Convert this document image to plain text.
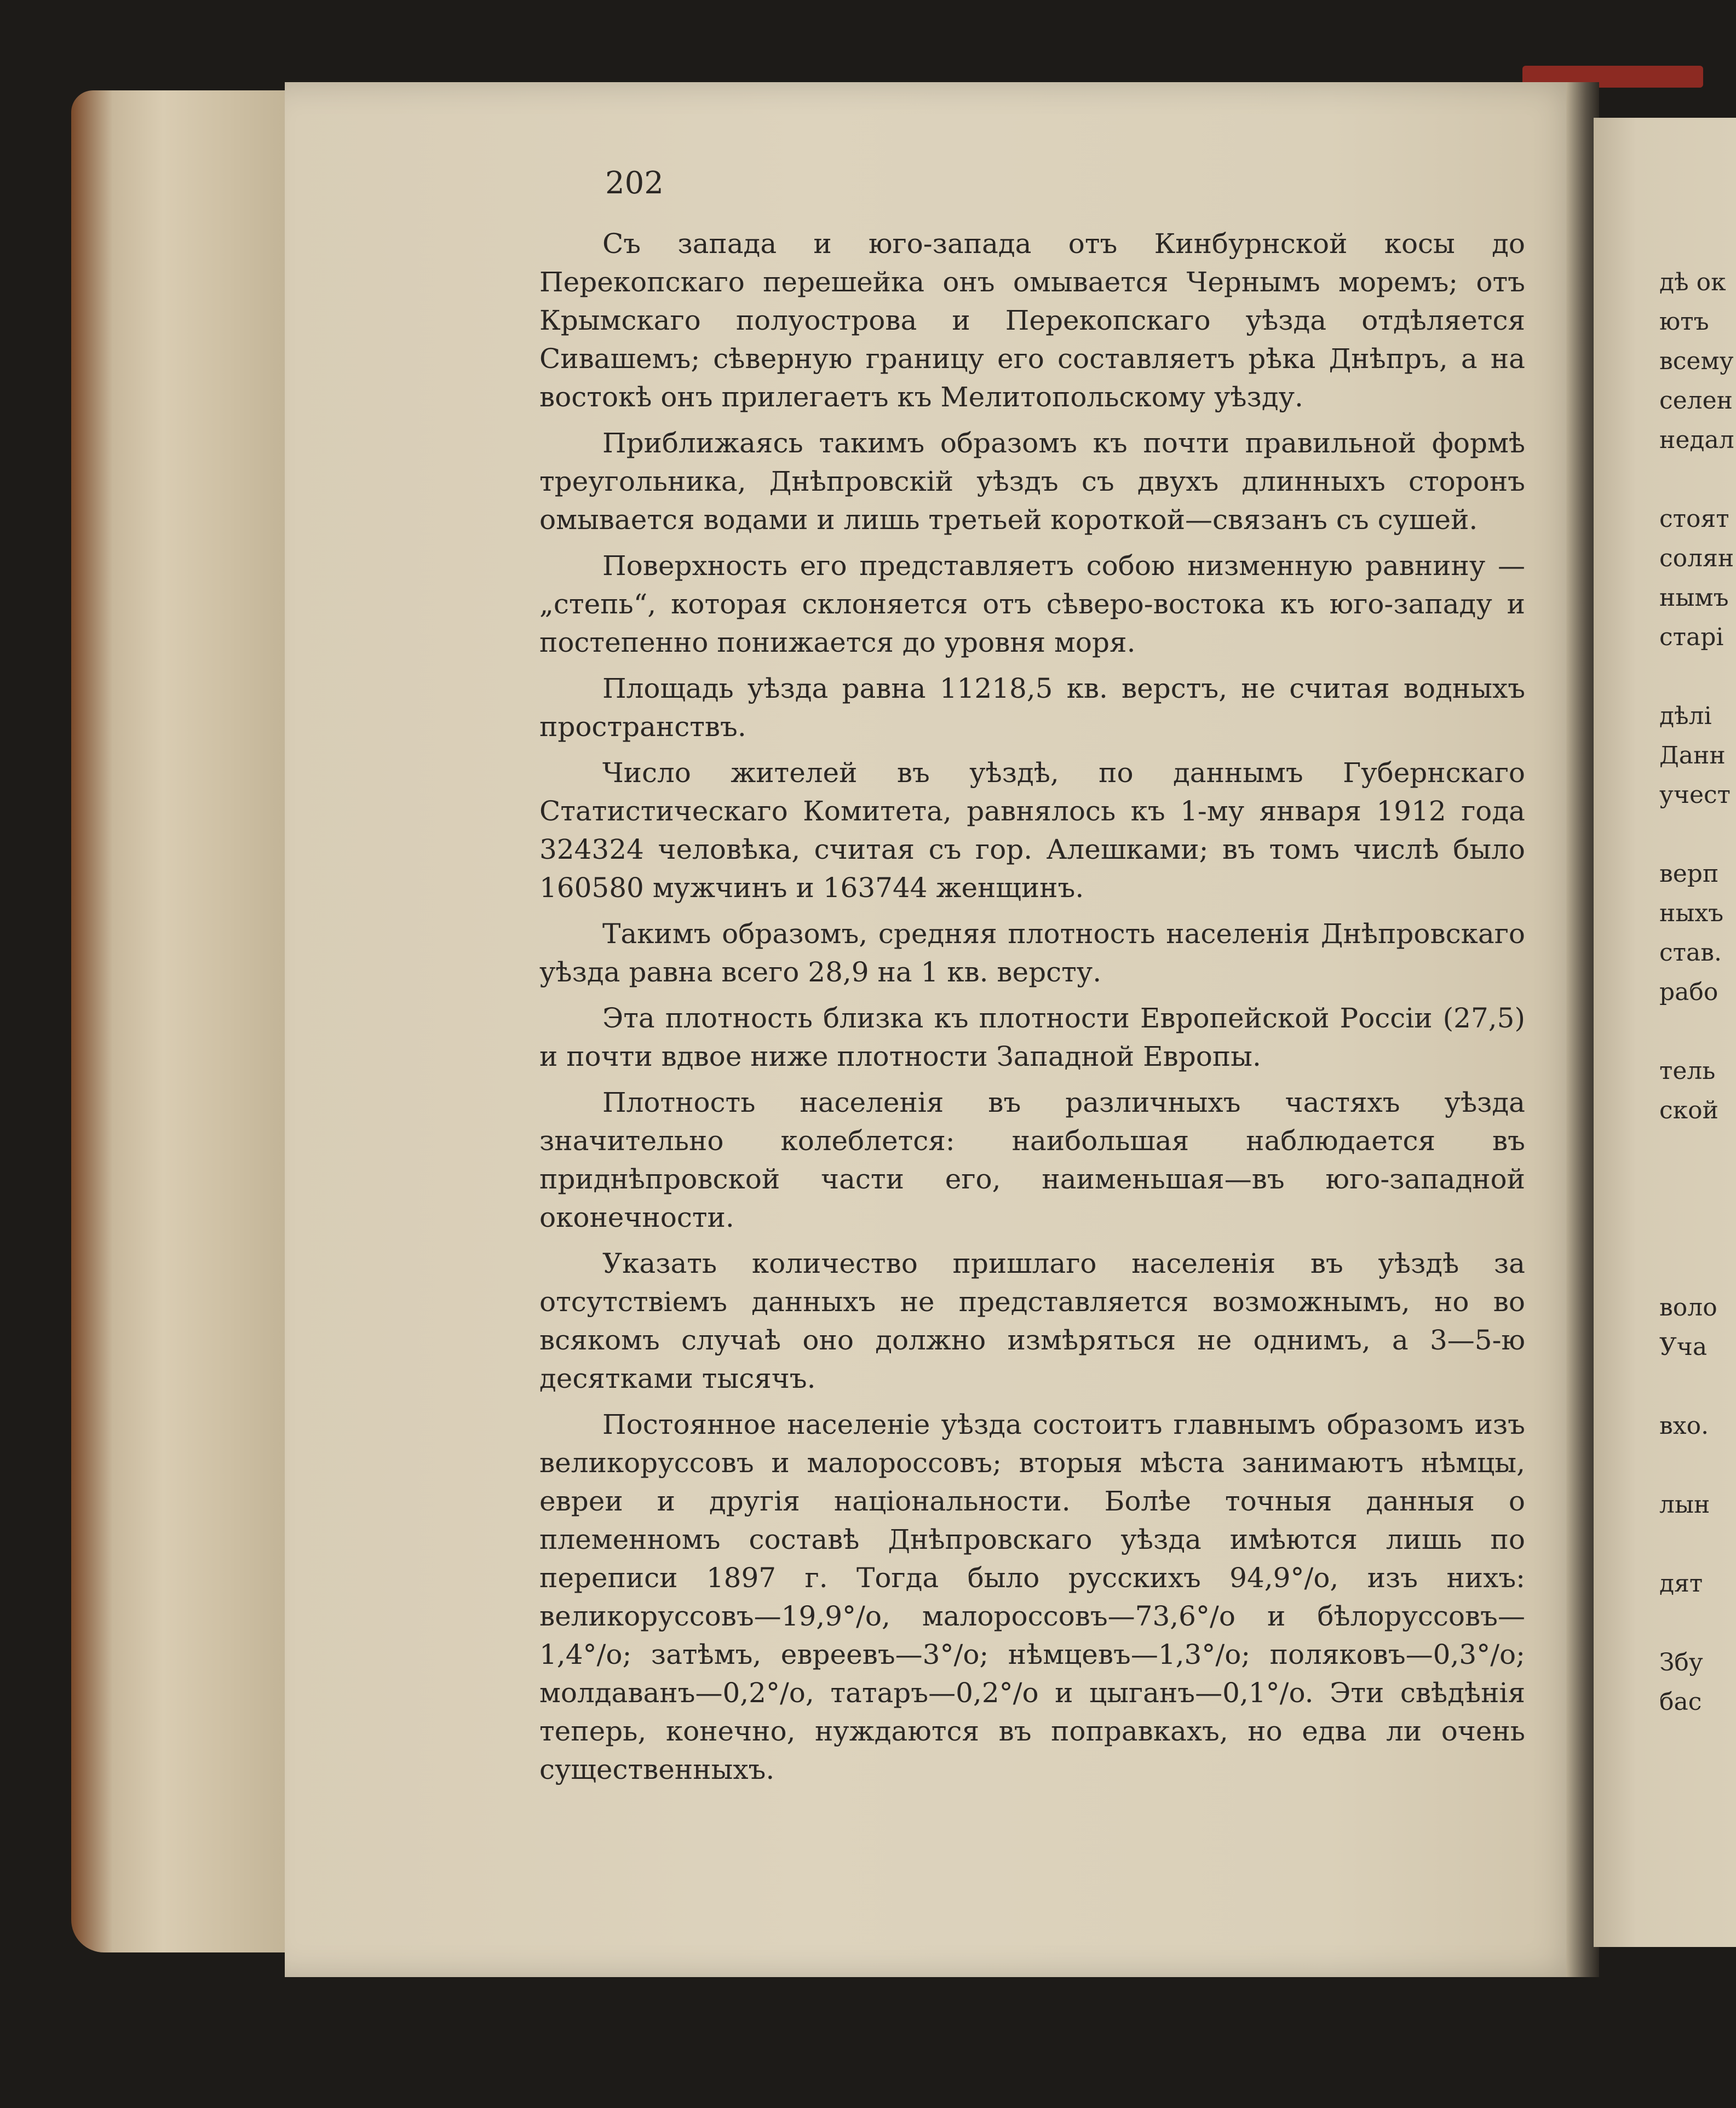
202

Съ запада и юго-запада отъ Кинбурнской косы до Перекопскаго перешейка онъ омывается Чернымъ моремъ; отъ Крымскаго полуострова и Перекопскаго уѣзда отдѣляется Сивашемъ; сѣверную границу его составляетъ рѣка Днѣпръ, а на востокѣ онъ прилегаетъ къ Мелитопольскому уѣзду.

Приближаясь такимъ образомъ къ почти правильной формѣ треугольника, Днѣпровскій уѣздъ съ двухъ длинныхъ сторонъ омывается водами и лишь третьей короткой—связанъ съ сушей.

Поверхность его представляетъ собою низменную равнину —„степь“, которая склоняется отъ сѣверо-востока къ юго-западу и постепенно понижается до уровня моря.

Площадь уѣзда равна 11218,5 кв. верстъ, не считая водныхъ пространствъ.

Число жителей въ уѣздѣ, по даннымъ Губернскаго Статистическаго Комитета, равнялось къ 1-му января 1912 года 324324 человѣка, считая съ гор. Алешками; въ томъ числѣ было 160580 мужчинъ и 163744 женщинъ.

Такимъ образомъ, средняя плотность населенія Днѣпровскаго уѣзда равна всего 28,9 на 1 кв. версту.

Эта плотность близка къ плотности Европейской Россіи (27,5) и почти вдвое ниже плотности Западной Европы.

Плотность населенія въ различныхъ частяхъ уѣзда значительно колеблется: наибольшая наблюдается въ приднѣпровской части его, наименьшая—въ юго-западной оконечности.

Указать количество пришлаго населенія въ уѣздѣ за отсутствіемъ данныхъ не представляется возможнымъ, но во всякомъ случаѣ оно должно измѣряться не однимъ, а 3—5-ю десятками тысячъ.

Постоянное населеніе уѣзда состоитъ главнымъ образомъ изъ великоруссовъ и малороссовъ; вторыя мѣста занимаютъ нѣмцы, евреи и другія національности. Болѣе точныя данныя о племенномъ составѣ Днѣпровскаго уѣзда имѣются лишь по переписи 1897 г. Тогда было русскихъ 94,9°/o, изъ нихъ: великоруссовъ—19,9°/o, малороссовъ—73,6°/o и бѣлоруссовъ—1,4°/o; затѣмъ, евреевъ—3°/o; нѣмцевъ—1,3°/o; поляковъ—0,3°/o; молдаванъ—0,2°/o, татаръ—0,2°/o и цыганъ—0,1°/o. Эти свѣдѣнія теперь, конечно, нуждаются въ поправкахъ, но едва ли очень существенныхъ.

дѣ ок
ютъ
всему
селен
недал
стоят
солян
нымъ
старі
дѣлі
Данн
учест
верп
ныхъ
став.
рабо
тель
ской
воло
Уча
вхо.
лын
дят
Збу
бас
